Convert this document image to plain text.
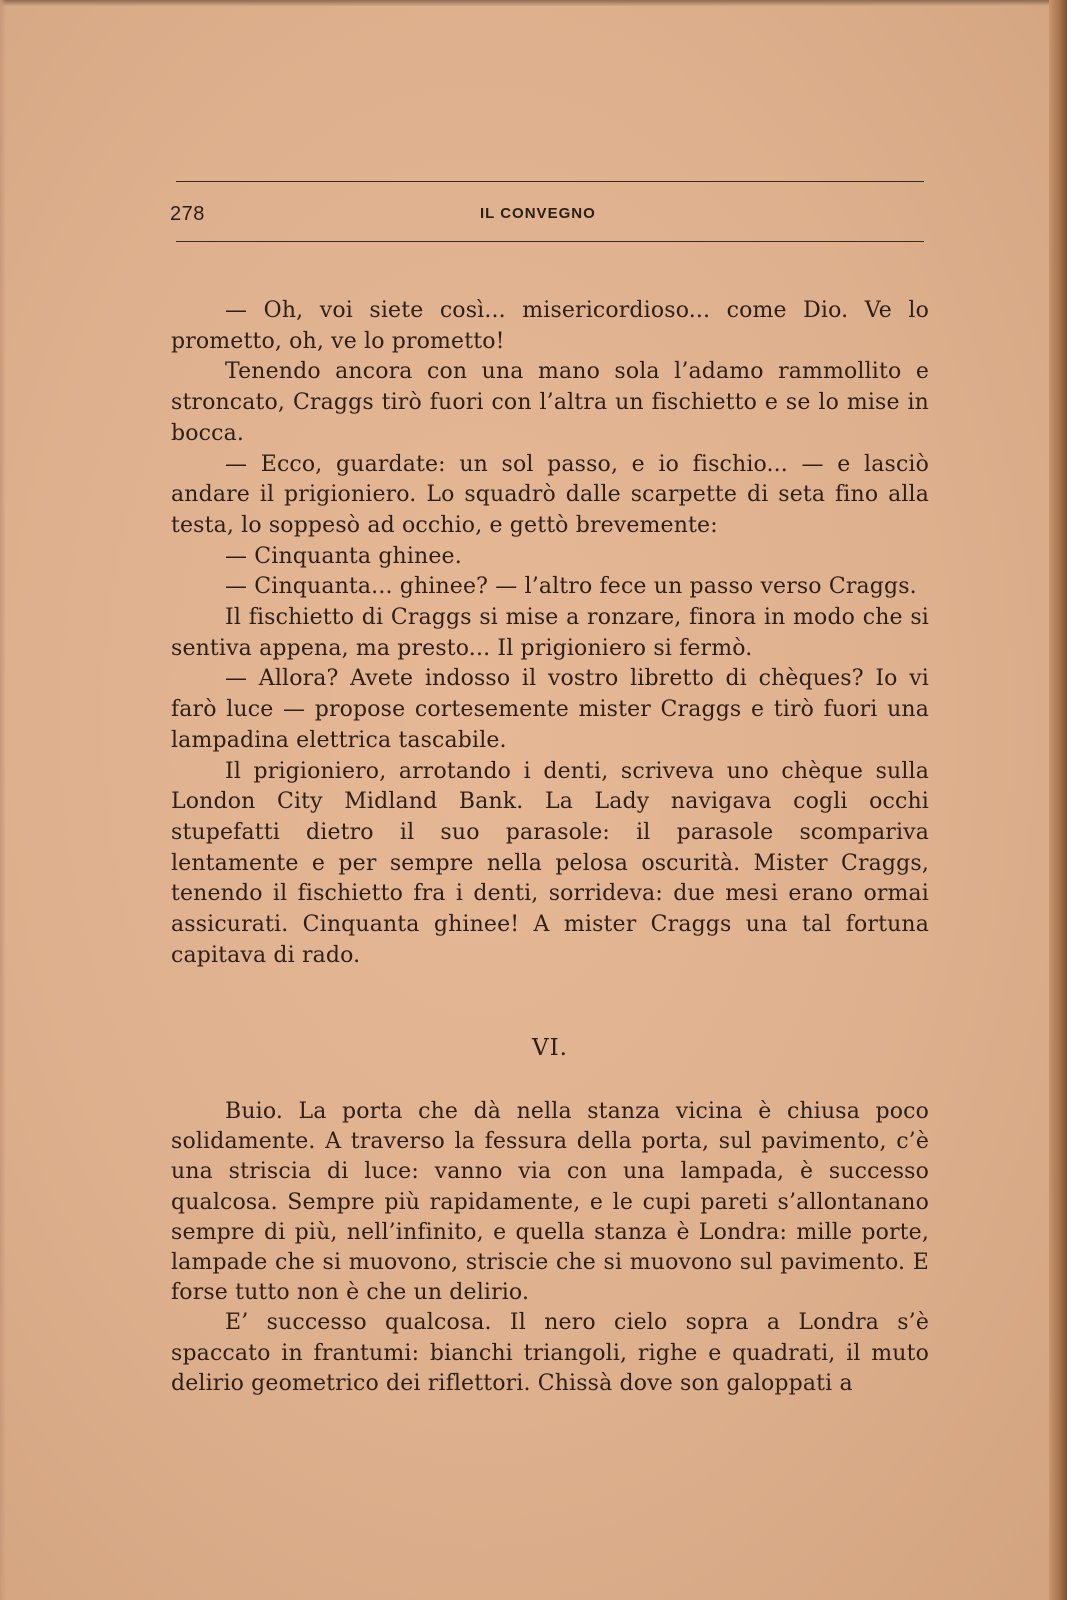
278	IL CONVEGNO

— Oh, voi siete così... misericordioso... come Dio. Ve lo prometto, oh, ve lo prometto!

Tenendo ancora con una mano sola l’adamo rammollito e stroncato, Craggs tirò fuori con l’altra un fischietto e se lo mise in bocca.

— Ecco, guardate: un sol passo, e io fischio... — e lasciò andare il prigioniero. Lo squadrò dalle scarpette di seta fino alla testa, lo soppesò ad occhio, e gettò brevemente:

— Cinquanta ghinee.

— Cinquanta... ghinee? — l’altro fece un passo verso Craggs.

Il fischietto di Craggs si mise a ronzare, finora in modo che si sentiva appena, ma presto... Il prigioniero si fermò.

— Allora? Avete indosso il vostro libretto di chèques? Io vi farò luce — propose cortesemente mister Craggs e tirò fuori una lampadina elettrica tascabile.

Il prigioniero, arrotando i denti, scriveva uno chèque sulla London City Midland Bank. La Lady navigava cogli occhi stupefatti dietro il suo parasole: il parasole scompariva lentamente e per sempre nella pelosa oscurità. Mister Craggs, tenendo il fischietto fra i denti, sorrideva: due mesi erano ormai assicurati. Cinquanta ghinee! A mister Craggs una tal fortuna capitava di rado.

VI.

Buio. La porta che dà nella stanza vicina è chiusa poco solidamente. A traverso la fessura della porta, sul pavimento, c’è una striscia di luce: vanno via con una lampada, è successo qualcosa. Sempre più rapidamente, e le cupi pareti s’allontanano sempre di più, nell’infinito, e quella stanza è Londra: mille porte, lampade che si muovono, striscie che si muovono sul pavimento. E forse tutto non è che un delirio.

E’ successo qualcosa. Il nero cielo sopra a Londra s’è spaccato in frantumi: bianchi triangoli, righe e quadrati, il muto delirio geometrico dei riflettori. Chissà dove son galoppati a
